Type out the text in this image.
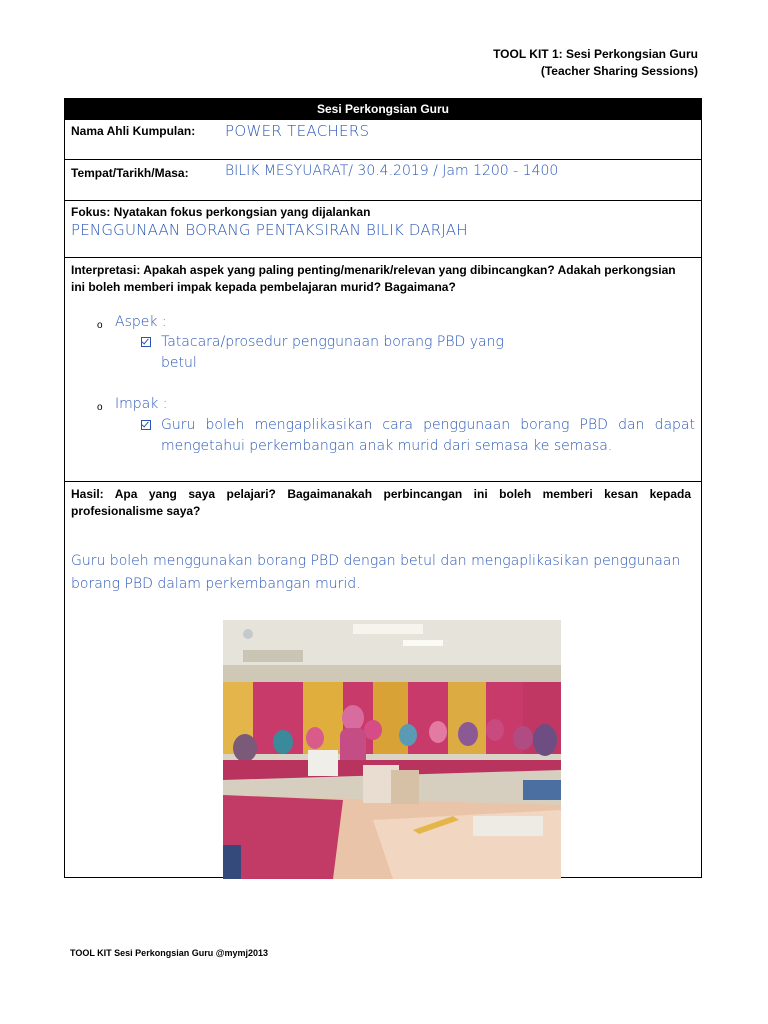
TOOL KIT 1: Sesi Perkongsian Guru
(Teacher Sharing Sessions)
Sesi Perkongsian Guru
Nama Ahli Kumpulan: POWER TEACHERS
Tempat/Tarikh/Masa:	BILIK MESYUARAT/ 30.4.2019 / Jam 1200 - 1400
Fokus: Nyatakan fokus perkongsian yang dijalankan
PENGGUNAAN BORANG PENTAKSIRAN BILIK DARJAH
Interpretasi: Apakah aspek yang paling penting/menarik/relevan yang dibincangkan? Adakah perkongsian ini boleh memberi impak kepada pembelajaran murid? Bagaimana?
o Aspek :
Tatacara/prosedur penggunaan borang PBD yang betul
o Impak :
Guru boleh mengaplikasikan cara penggunaan borang PBD dan dapat mengetahui perkembangan anak murid dari semasa ke semasa.
Hasil: Apa yang saya pelajari? Bagaimanakah perbincangan ini boleh memberi kesan kepada profesionalisme saya?
Guru boleh menggunakan borang PBD dengan betul dan mengaplikasikan penggunaan borang PBD dalam perkembangan murid.
TOOL KIT Sesi Perkongsian Guru @mymj2013
